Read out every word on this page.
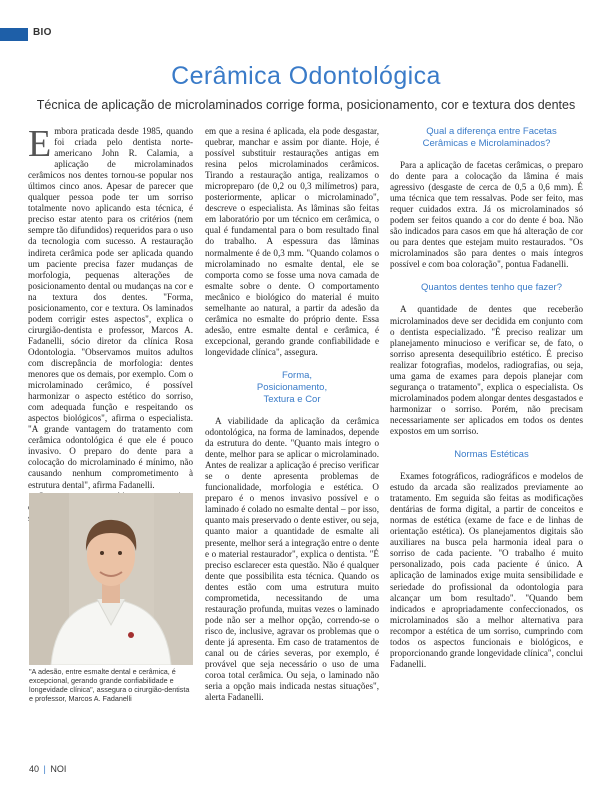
BIO
Cerâmica Odontológica
Técnica de aplicação de microlaminados corrige forma, posicionamento, cor e textura dos dentes

Embora praticada desde 1985, quando foi criada pelo dentista norte-americano John R. Calamia, a aplicação de microlaminados cerâmicos nos dentes tornou-se popular nos últimos cinco anos. Apesar de parecer que qualquer pessoa pode ter um sorriso totalmente novo aplicando esta técnica, é preciso estar atento para os critérios (nem sempre tão difundidos) requeridos para o uso da tecnologia com sucesso. A restauração indireta cerâmica pode ser aplicada quando um paciente precisa fazer mudanças de morfologia, pequenas alterações de posicionamento dental ou mudanças na cor e na textura dos dentes. "Forma, posicionamento, cor e textura. Os laminados podem corrigir estes aspectos", explica o cirurgião-dentista e professor, Marcos A. Fadanelli, sócio diretor da clínica Rosa Odontologia. "Observamos muitos adultos com discrepância de morfologia: dentes menores que os demais, por exemplo. Com o microlaminado cerâmico, é possível harmonizar o aspecto estético do sorriso, com adequada função e respeitando os aspectos biológicos", afirma o especialista. "A grande vantagem do tratamento com cerâmica odontológica é que ele é pouco invasivo. O preparo do dente para a colocação do microlaminado é mínimo, não causando nenhum comprometimento à estrutura dental", afirma Fadanelli.

"A adesão, entre esmalte dental e cerâmica, é excepcional, gerando grande confiabilidade e longevidade clínica", assegura o cirurgião-dentista e professor, Marcos A. Fadanelli

em que a resina é aplicada, ela pode desgastar, quebrar, manchar e assim por diante. Hoje, é possível substituir restaurações antigas em resina pelos microlaminados cerâmicos. Tirando a restauração antiga, realizamos o micropreparo (de 0,2 ou 0,3 milímetros) para, posteriormente, aplicar o microlaminado", descreve o especialista. As lâminas são feitas em laboratório por um técnico em cerâmica, o qual é fundamental para o bom resultado final do trabalho. A espessura das lâminas normalmente é de 0,3 mm. "Quando colamos o microlaminado no esmalte dental, ele se comporta como se fosse uma nova camada de esmalte sobre o dente. O comportamento mecânico e biológico do material é muito semelhante ao natural, a partir da adesão da cerâmica no esmalte do próprio dente. Essa adesão, entre esmalte dental e cerâmica, é excepcional, gerando grande confiabilidade e longevidade clínica", assegura.

Forma, Posicionamento, Textura e Cor

A viabilidade da aplicação da cerâmica odontológica, na forma de laminados, depende da estrutura do dente. "Quanto mais íntegro o dente, melhor para se aplicar o microlaminado. Antes de realizar a aplicação é preciso verificar se o dente apresenta problemas de funcionalidade, morfologia e estética. O preparo é o menos invasivo possível e o laminado é colado no esmalte dental – por isso, quanto mais preservado o dente estiver, ou seja, quanto maior a quantidade de esmalte ali presente, melhor será a integração entre o dente e o material restaurador", explica o dentista. "É preciso esclarecer esta questão. Não é qualquer dente que possibilita esta técnica. Quando os dentes estão com uma estrutura muito comprometida, necessitando de uma restauração profunda, muitas vezes o laminado pode não ser a melhor opção, correndo-se o risco de, inclusive, agravar os problemas que o dente já apresenta. Em caso de tratamentos de canal ou de cáries severas, por exemplo, é provável que seja necessário o uso de uma coroa total cerâmica. Ou seja, o laminado não seria a opção mais indicada nestas situações", alerta Fadanelli.

Qual a diferença entre Facetas Cerâmicas e Microlaminados?

Para a aplicação de facetas cerâmicas, o preparo do dente para a colocação da lâmina é mais agressivo (desgaste de cerca de 0,5 a 0,6 mm). É uma técnica que tem ressalvas. Pode ser feito, mas requer cuidados extra. Já os microlaminados só podem ser feitos quando a cor do dente é boa. Não são indicados para casos em que há alteração de cor ou para dentes que estejam muito restaurados. "Os microlaminados são para dentes o mais íntegros possível e com boa coloração", pontua Fadanelli.

Quantos dentes tenho que fazer?

A quantidade de dentes que receberão microlaminados deve ser decidida em conjunto com o dentista especializado. "É preciso realizar um planejamento minucioso e verificar se, de fato, o sorriso apresenta desequilíbrio estético. É preciso realizar fotografias, modelos, radiografias, ou seja, uma gama de exames para depois planejar com segurança o tratamento", explica o especialista. Os microlaminados podem alongar dentes desgastados e harmonizar o sorriso. Porém, não precisam necessariamente ser aplicados em todos os dentes expostos em um sorriso.

Normas Estéticas

Exames fotográficos, radiográficos e modelos de estudo da arcada são realizados previamente ao tratamento. Em seguida são feitas as modificações dentárias de forma digital, a partir de conceitos e normas de estética (exame de face e de linhas de orientação estética). Os planejamentos digitais são auxiliares na busca pela harmonia ideal para o sorriso de cada paciente. "O trabalho é muito personalizado, pois cada paciente é único. A aplicação de laminados exige muita sensibilidade e seriedade do profissional da odontologia para alcançar um bom resultado". "Quando bem indicados e apropriadamente confeccionados, os microlaminados são a melhor alternativa para recompor a estética de um sorriso, cumprindo com todos os aspectos funcionais e biológicos, e proporcionando grande longevidade clínica", conclui Fadanelli.

40 | NOI
